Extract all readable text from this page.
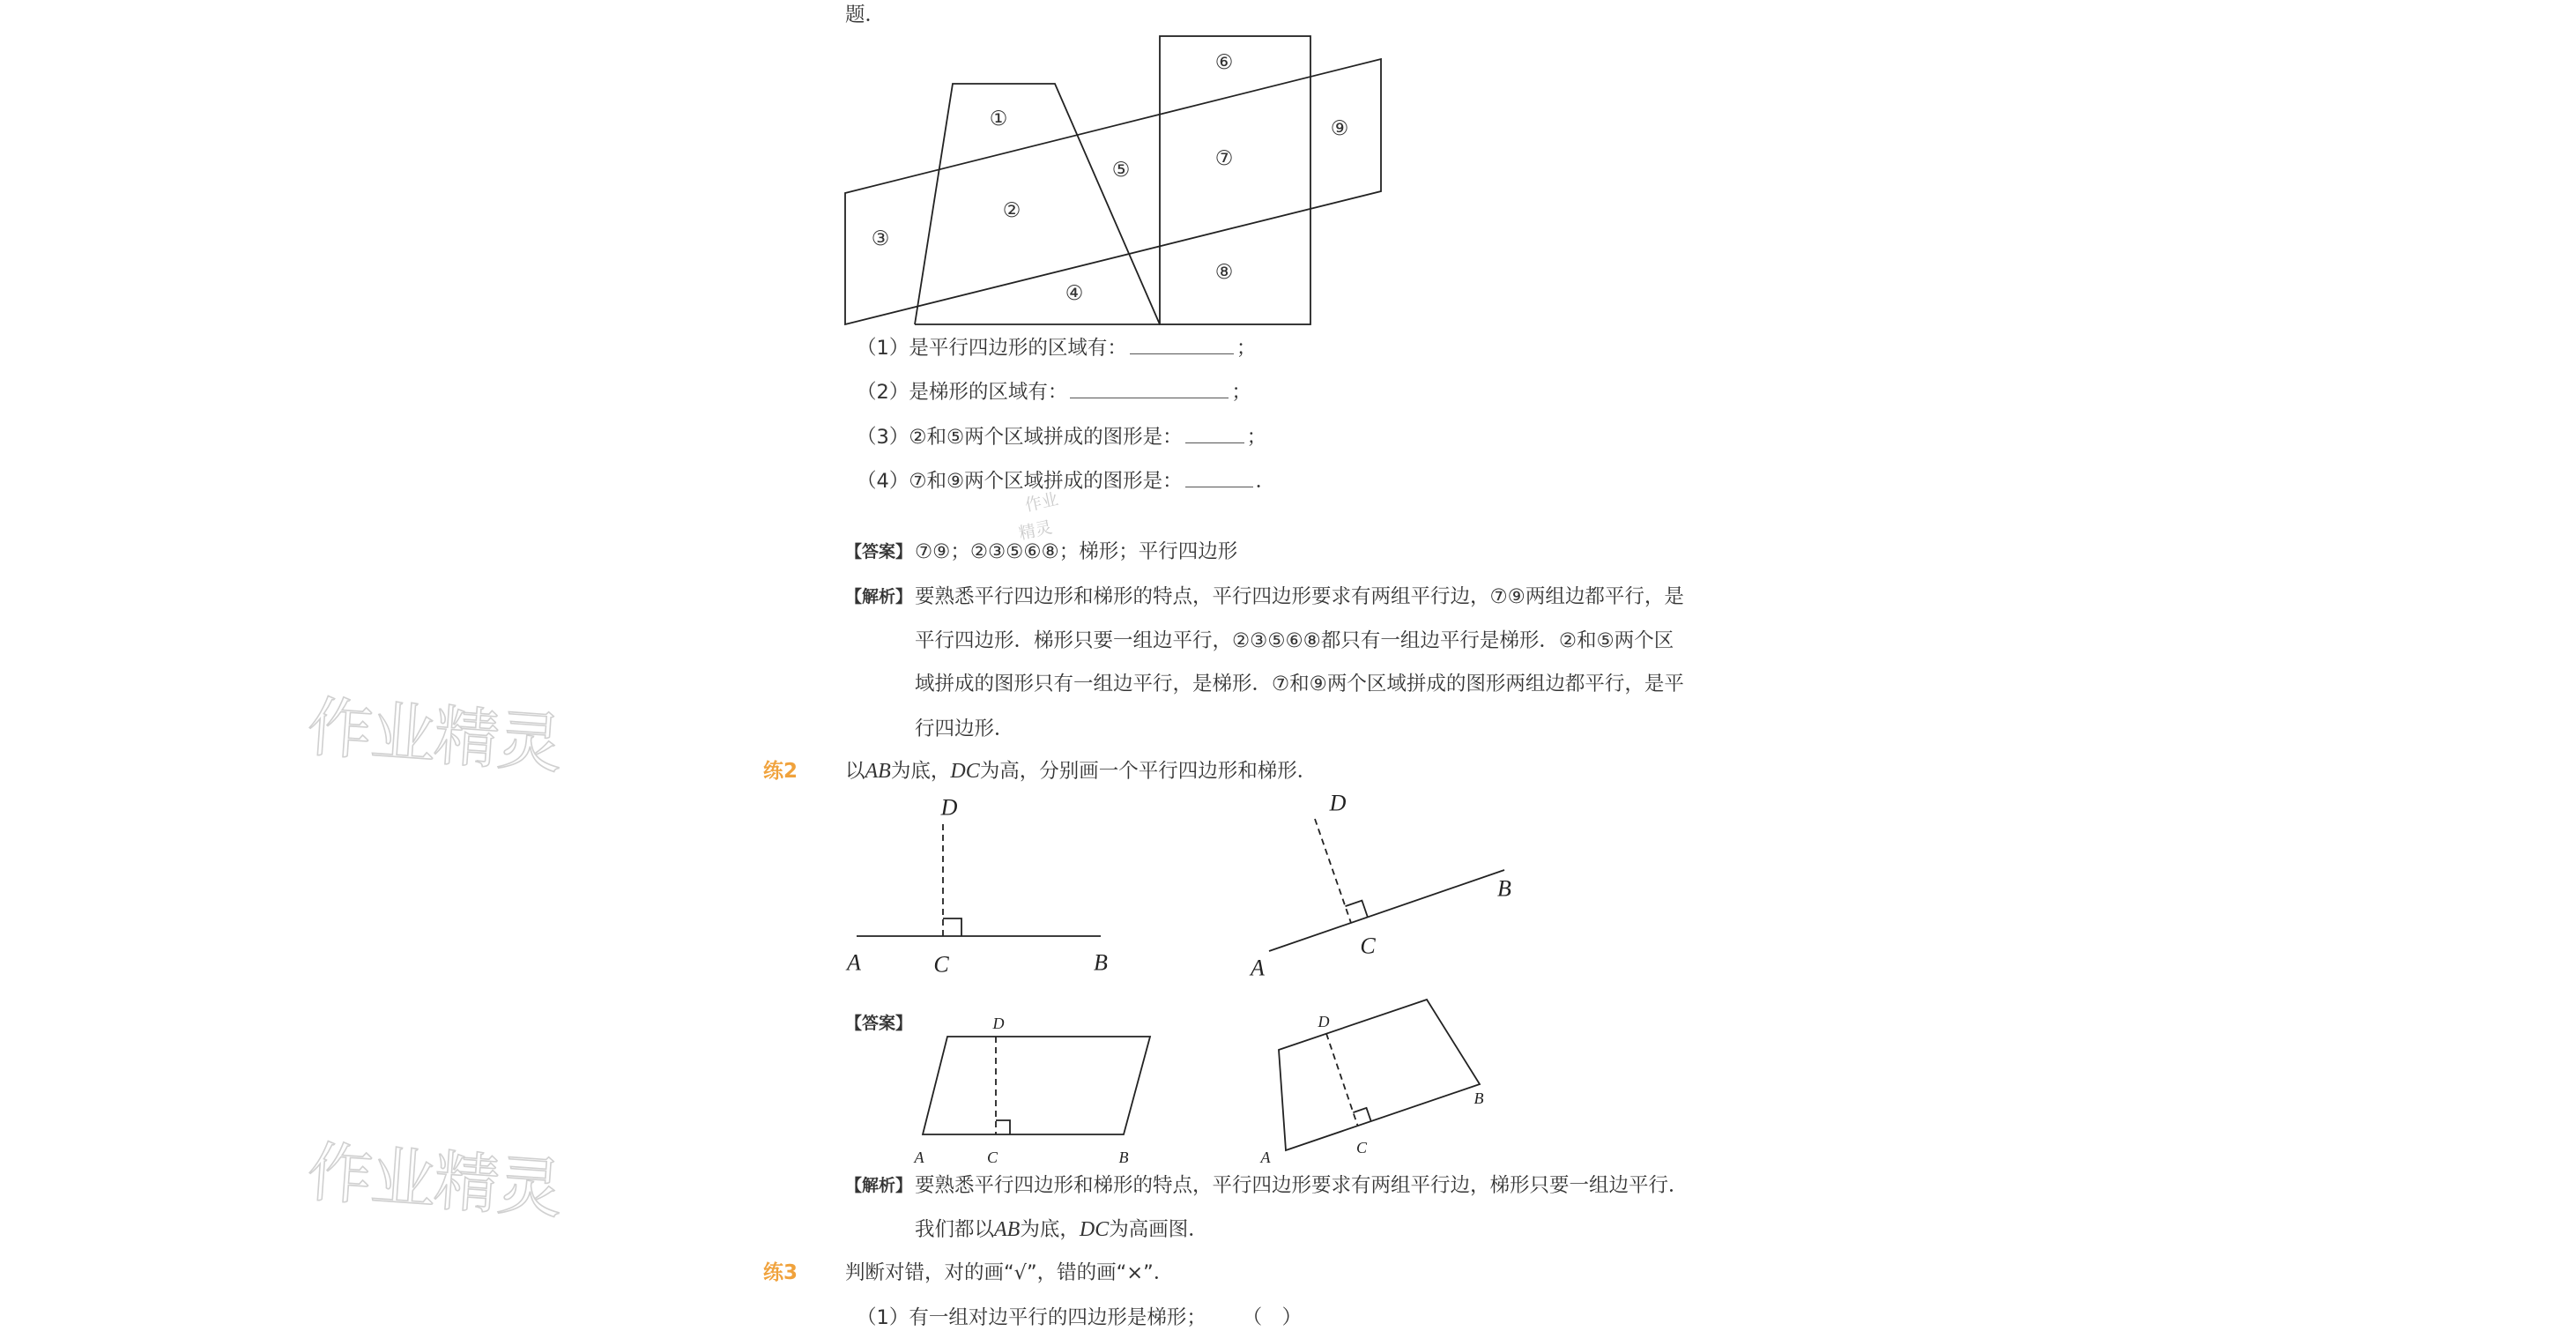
作业精灵
作业精灵
作业
精灵
题．
①
②
③
④
⑤
⑥
⑦
⑧
⑨
（1）是平行四边形的区域有：	；
（2）是梯形的区域有：	；
（3）②和⑤两个区域拼成的图形是：	；
（4）⑦和⑨两个区域拼成的图形是：	．
【答案】 ⑦⑨；②③⑤⑥⑧；梯形；平行四边形
【解析】 要熟悉平行四边形和梯形的特点，平行四边形要求有两组平行边，⑦⑨两组边都平行，是
平行四边形．梯形只要一组边平行，②③⑤⑥⑧都只有一组边平行是梯形．②和⑤两个区
域拼成的图形只有一组边平行，是梯形．⑦和⑨两个区域拼成的图形两组边都平行，是平
行四边形．
练2 以AB为底，DC为高，分别画一个平行四边形和梯形．
D
A	C	B
D
B
C
A
【答案】	D
A	C	B
D
B
C
A
【解析】 要熟悉平行四边形和梯形的特点，平行四边形要求有两组平行边，梯形只要一组边平行．
我们都以AB为底，DC为高画图．
练3 判断对错，对的画“√”，错的画“×”．
（1）有一组对边平行的四边形是梯形； （　）
